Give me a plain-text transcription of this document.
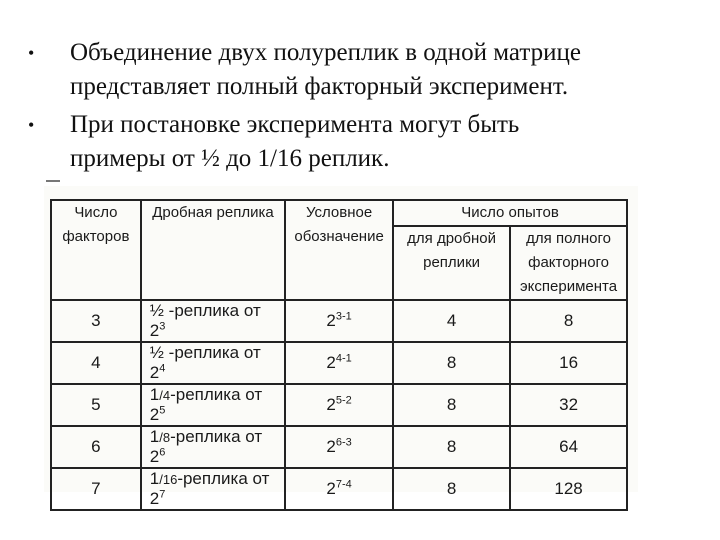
•	Объединение двух полуреплик в одной матрице
представляет полный факторный эксперимент.
•	При постановке эксперимента могут быть
примеры от ½ до 1/16 реплик.
Число факторов	Дробная реплика	Условное обозначение	Число опытов	
			для дробной реплики	для полного факторного эксперимента
3	½ -реплика от $2^3$	2$^{3-1}$	4	8
4	½ -реплика от $2^4$	2$^{4-1}$	8	16
5	1/4-реплика от $2^5$	2$^{5-2}$	8	32
6	1/8-реплика от $2^6$	2$^{6-3}$	8	64
7	1/16-реплика от $2^7$	2$^{7-4}$	8	128
